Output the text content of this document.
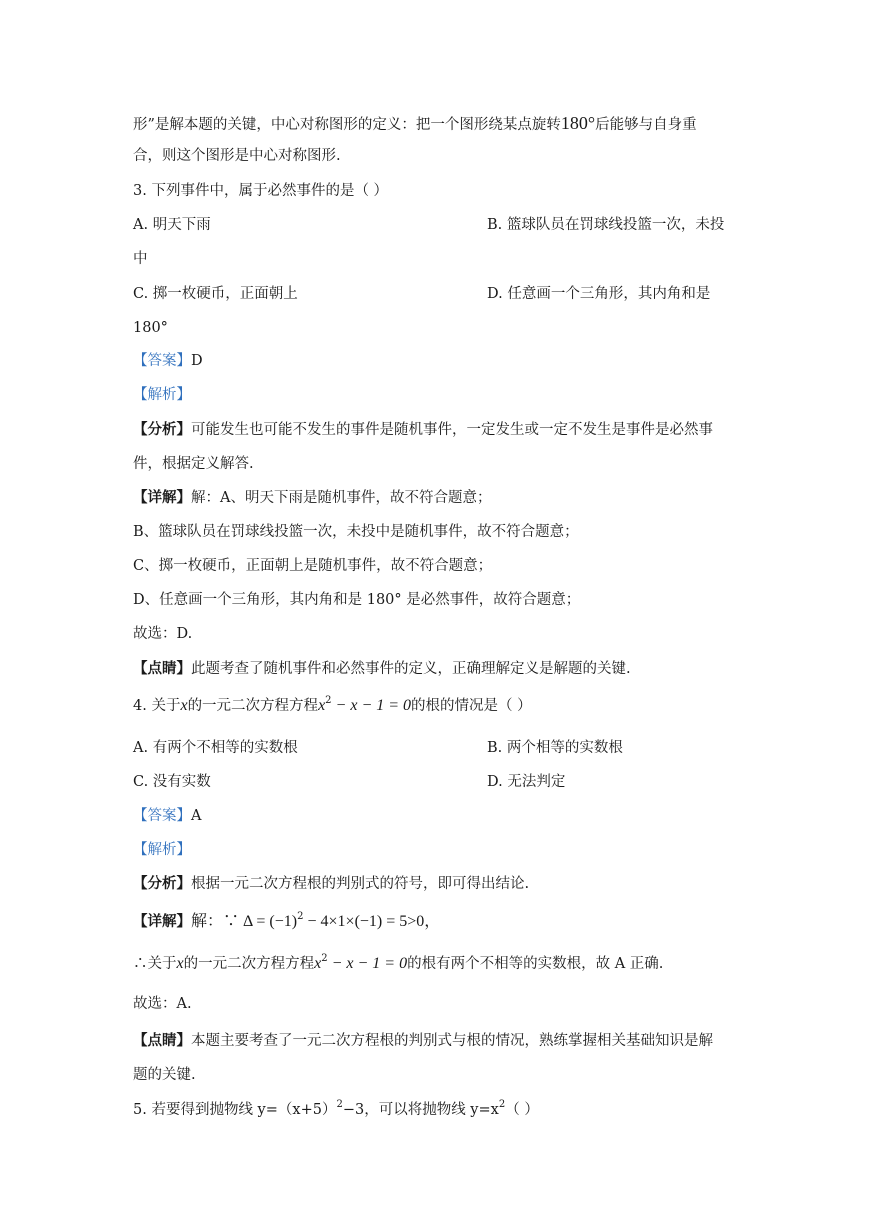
形”是解本题的关键，中心对称图形的定义：把一个图形绕某点旋转180°后能够与自身重
合，则这个图形是中心对称图形.
3. 下列事件中，属于必然事件的是（ ）
A. 明天下雨	B. 篮球队员在罚球线投篮一次，未投
中
C. 掷一枚硬币，正面朝上	D. 任意画一个三角形，其内角和是
180°
【答案】D
【解析】
【分析】可能发生也可能不发生的事件是随机事件，一定发生或一定不发生是事件是必然事
件，根据定义解答.
【详解】解：A、明天下雨是随机事件，故不符合题意；
B、篮球队员在罚球线投篮一次，未投中是随机事件，故不符合题意；
C、掷一枚硬币，正面朝上是随机事件，故不符合题意；
D、任意画一个三角形，其内角和是 180° 是必然事件，故符合题意；
故选：D.
【点睛】此题考查了随机事件和必然事件的定义，正确理解定义是解题的关键.
4. 关于x的一元二次方程方程$x^2 - x - 1 = 0$的根的情况是（ ）
A. 有两个不相等的实数根	B. 两个相等的实数根
C. 没有实数	D. 无法判定
【答案】A
【解析】
【分析】根据一元二次方程根的判别式的符号，即可得出结论.
【详解】解：∵ $\Delta = (-1)^2 - 4\times 1\times(-1) = 5>0$，
∴关于x的一元二次方程方程$x^2 - x - 1 = 0$的根有两个不相等的实数根，故 A 正确.
故选：A.
【点睛】本题主要考查了一元二次方程根的判别式与根的情况，熟练掌握相关基础知识是解
题的关键.
5. 若要得到抛物线 $y=(x+5)^2-3$，可以将抛物线 $y=x^2$（ ）
